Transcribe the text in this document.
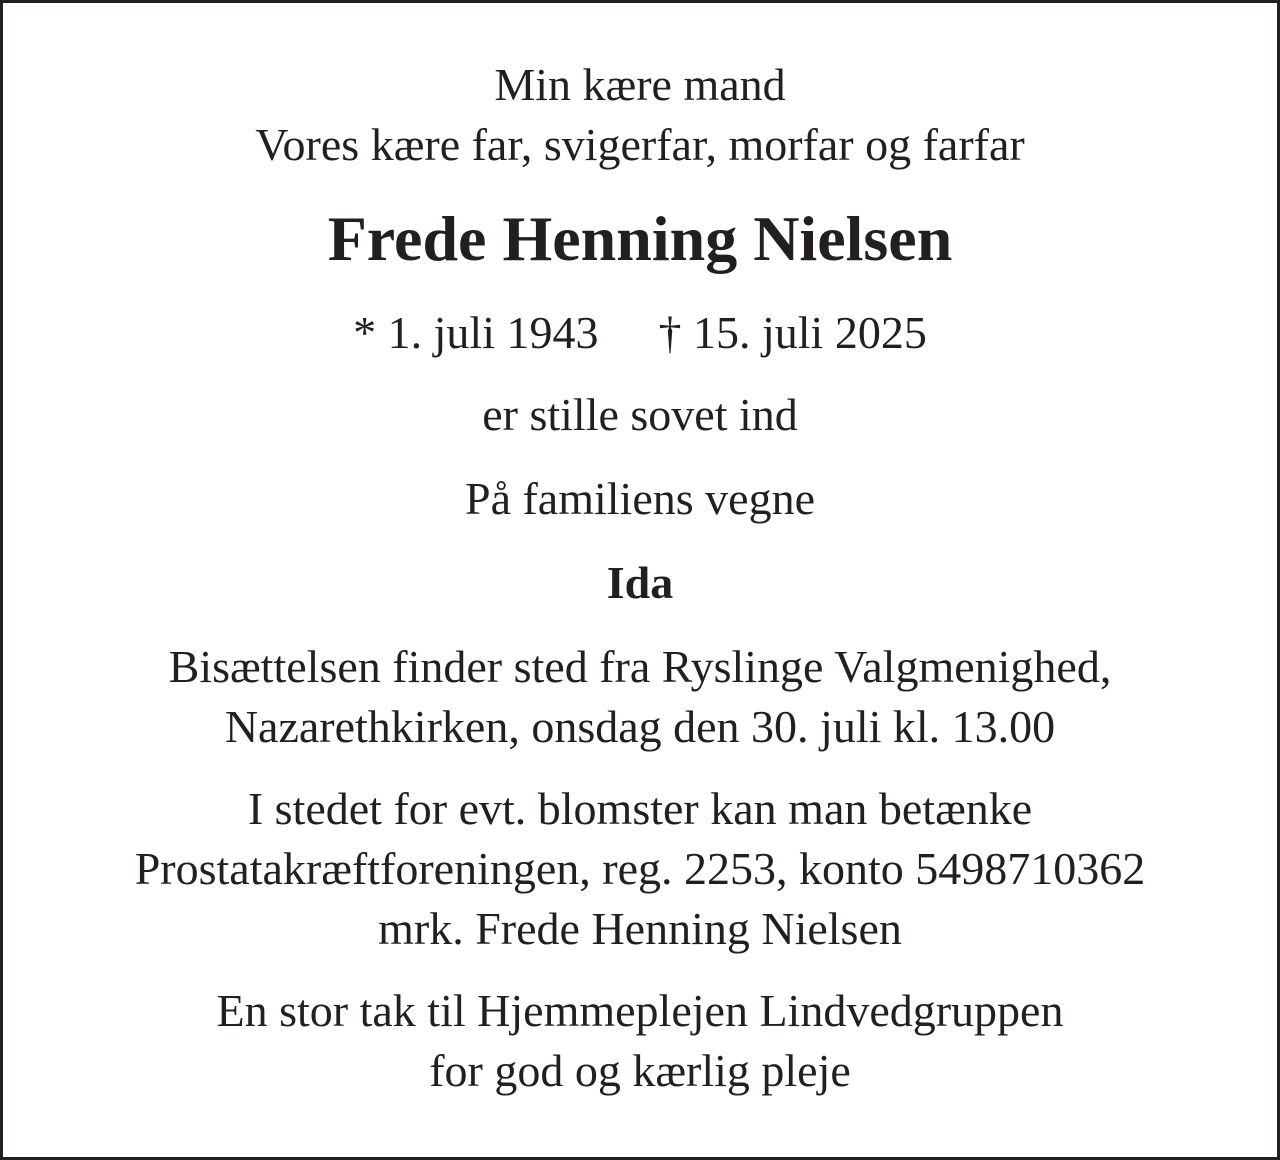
Min kære mand

Vores kære far, svigerfar, morfar og farfar

Frede Henning Nielsen

* 1. juli 1943 † 15. juli 2025

er stille sovet ind

På familiens vegne

Ida

Bisættelsen finder sted fra Ryslinge Valgmenighed,

Nazarethkirken, onsdag den 30. juli kl. 13.00

I stedet for evt. blomster kan man betænke

Prostatakræftforeningen, reg. 2253, konto 5498710362

mrk. Frede Henning Nielsen

En stor tak til Hjemmeplejen Lindvedgruppen

for god og kærlig pleje
